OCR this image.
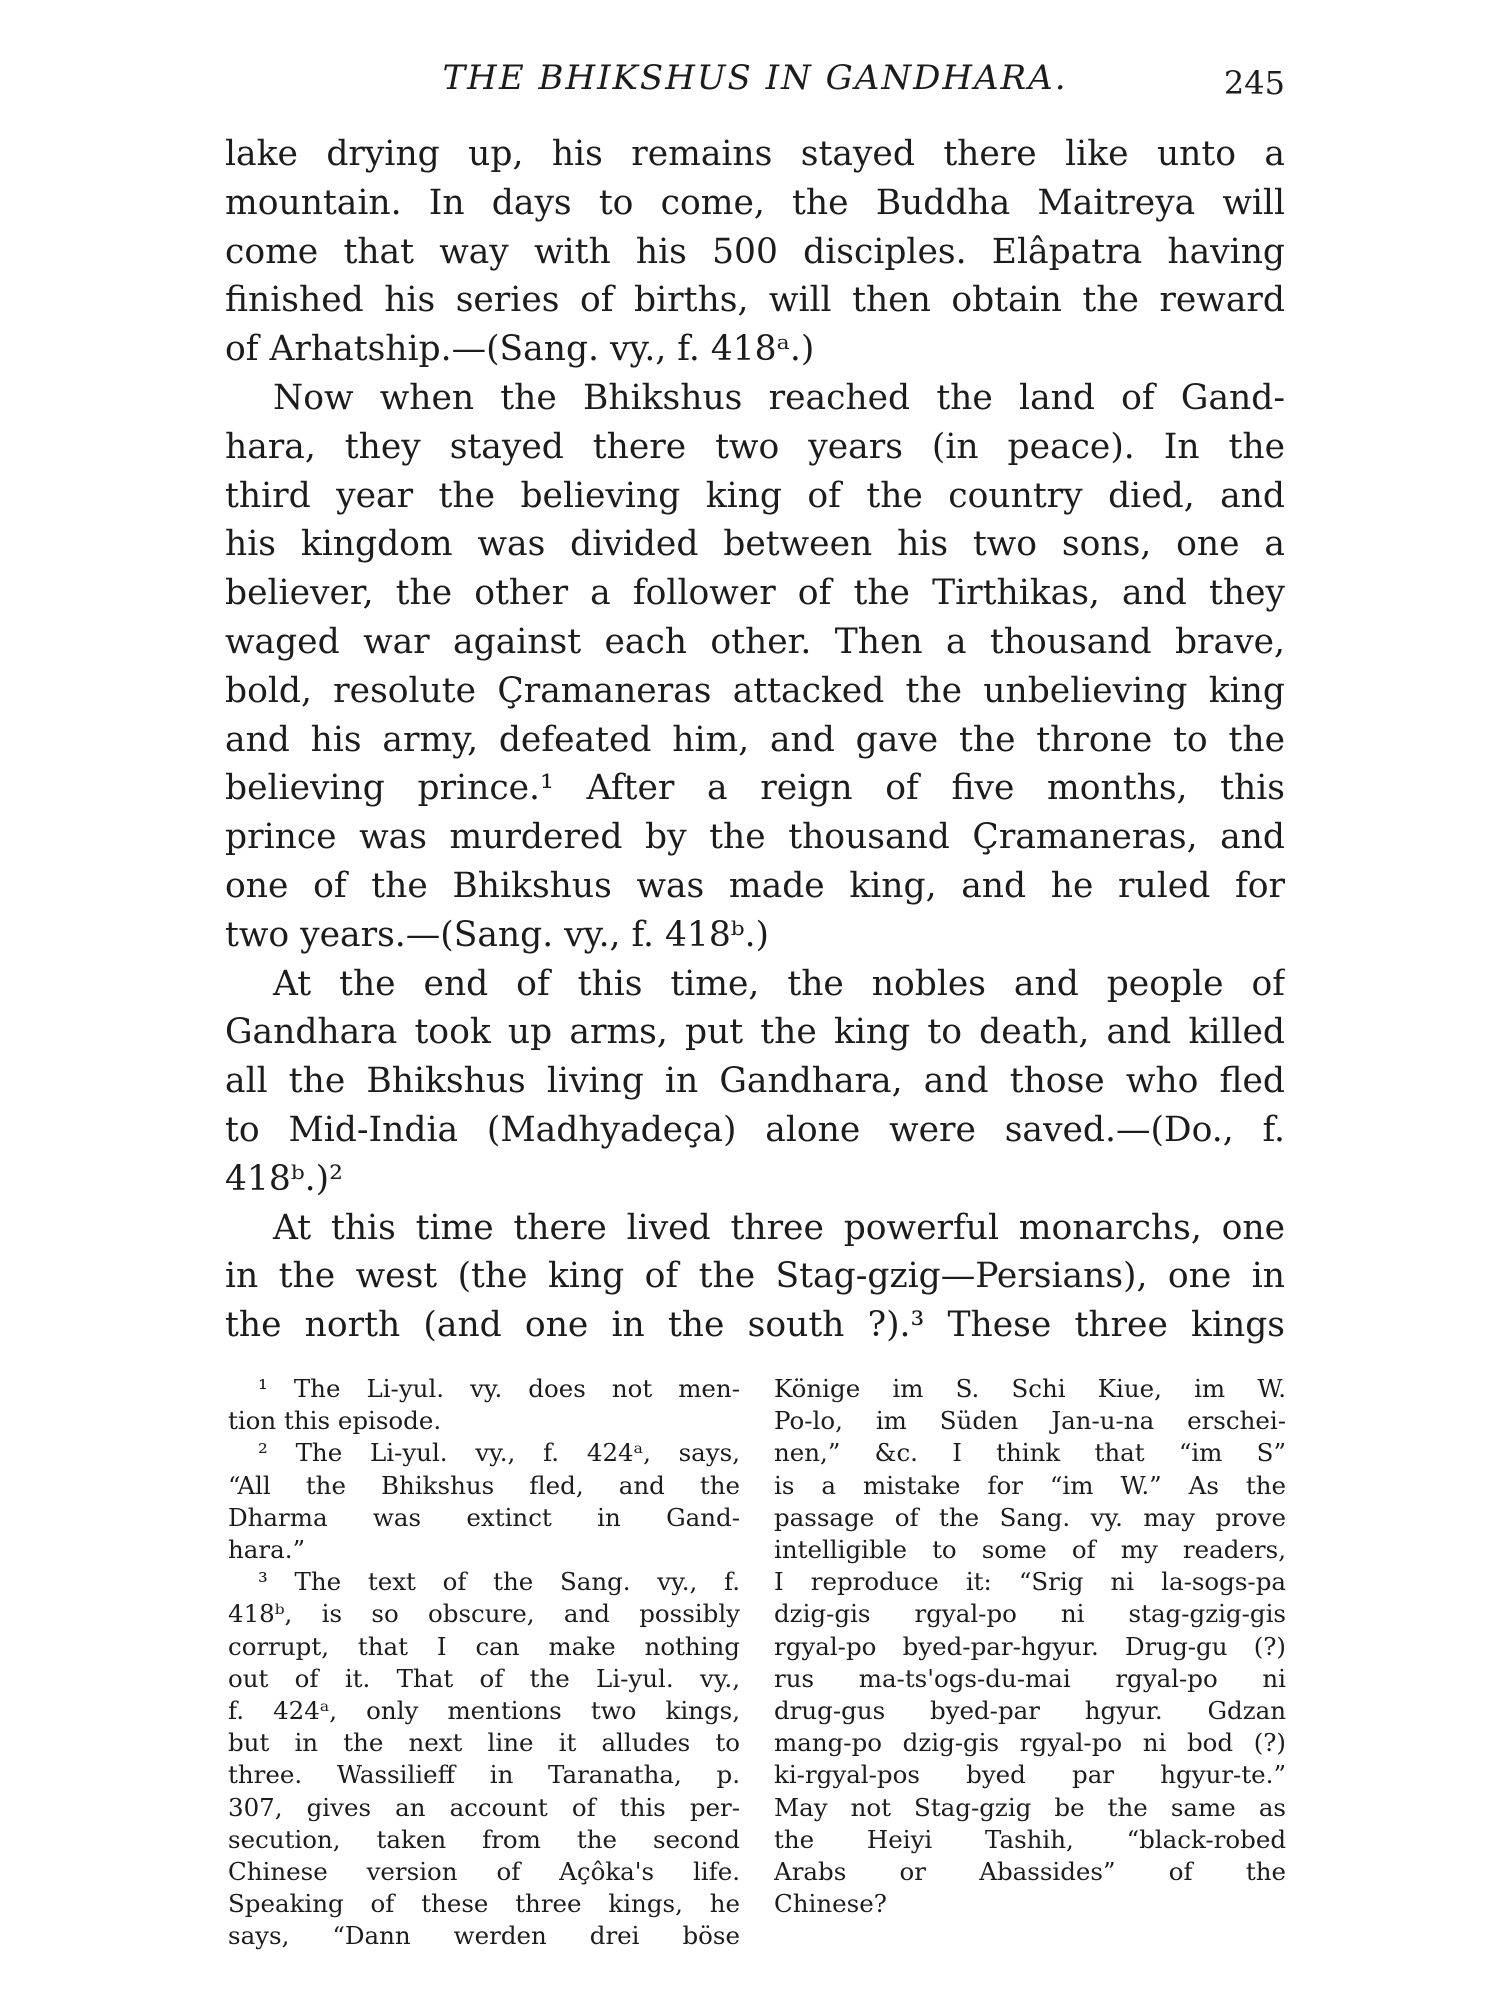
THE BHIKSHUS IN GANDHARA.	245
lake drying up, his remains stayed there like unto a
mountain. In days to come, the Buddha Maitreya will
come that way with his 500 disciples. Elâpatra having
finished his series of births, will then obtain the reward
of Arhatship.—(Sang. vy., f. 418ᵃ.)
Now when the Bhikshus reached the land of Gand-
hara, they stayed there two years (in peace). In the
third year the believing king of the country died, and
his kingdom was divided between his two sons, one a
believer, the other a follower of the Tirthikas, and they
waged war against each other. Then a thousand brave,
bold, resolute Çramaneras attacked the unbelieving king
and his army, defeated him, and gave the throne to the
believing prince.¹ After a reign of five months, this
prince was murdered by the thousand Çramaneras, and
one of the Bhikshus was made king, and he ruled for
two years.—(Sang. vy., f. 418ᵇ.)
At the end of this time, the nobles and people of
Gandhara took up arms, put the king to death, and killed
all the Bhikshus living in Gandhara, and those who fled
to Mid-India (Madhyadeça) alone were saved.—(Do., f.
418ᵇ.)²
At this time there lived three powerful monarchs, one
in the west (the king of the Stag-gzig—Persians), one in
the north (and one in the south ?).³ These three kings
¹ The Li-yul. vy. does not men-
tion this episode.
² The Li-yul. vy., f. 424ᵃ, says,
“All the Bhikshus fled, and the
Dharma was extinct in Gand-
hara.”
³ The text of the Sang. vy., f.
418ᵇ, is so obscure, and possibly
corrupt, that I can make nothing
out of it. That of the Li-yul. vy.,
f. 424ᵃ, only mentions two kings,
but in the next line it alludes to
three. Wassilieff in Taranatha, p.
307, gives an account of this per-
secution, taken from the second
Chinese version of Açôka's life.
Speaking of these three kings, he
says, “Dann werden drei böse
Könige im S. Schi Kiue, im W.
Po-lo, im Süden Jan-u-na erschei-
nen,” &c. I think that “im S”
is a mistake for “im W.” As the
passage of the Sang. vy. may prove
intelligible to some of my readers,
I reproduce it: “Srig ni la-sogs-pa
dzig-gis rgyal-po ni stag-gzig-gis
rgyal-po byed-par-hgyur. Drug-gu (?)
rus ma-ts'ogs-du-mai rgyal-po ni
drug-gus byed-par hgyur. Gdzan
mang-po dzig-gis rgyal-po ni bod (?)
ki-rgyal-pos byed par hgyur-te.”
May not Stag-gzig be the same as
the Heiyi Tashih, “black-robed
Arabs or Abassides” of the
Chinese?
